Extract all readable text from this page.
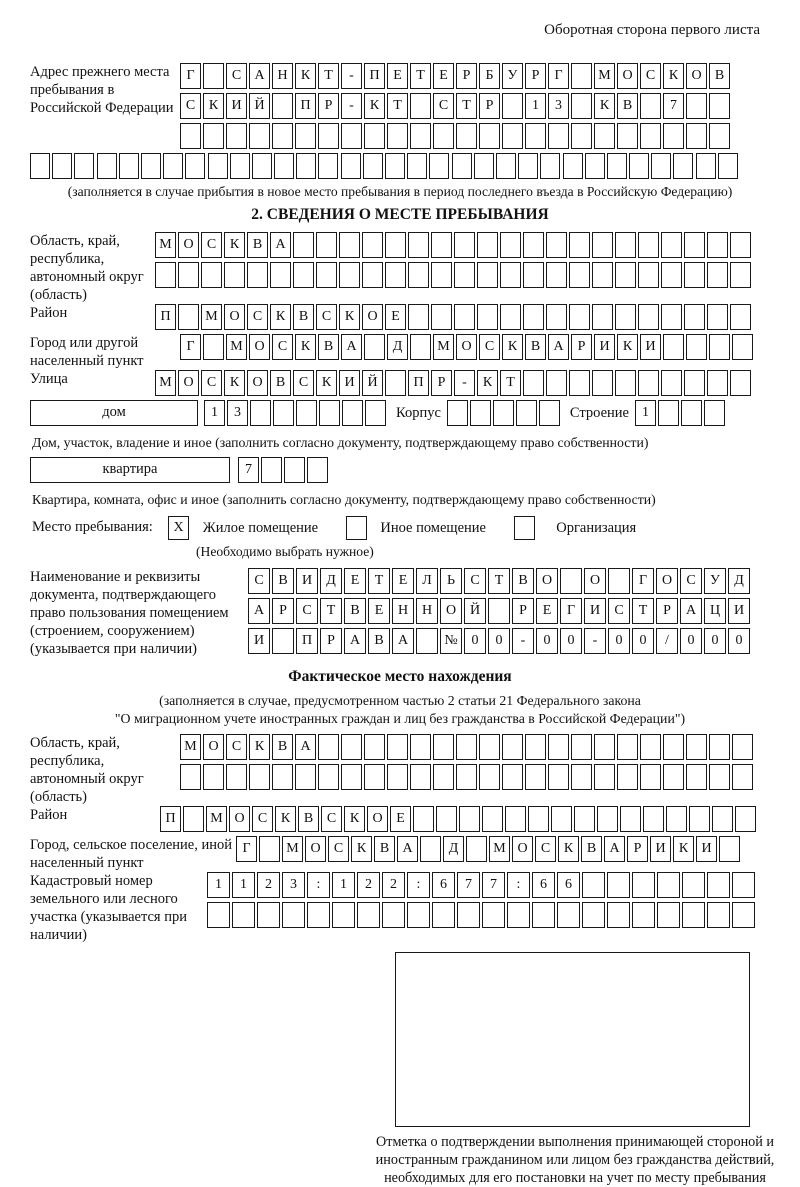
Оборотная сторона первого листа
Адрес прежнего места пребывания в Российской Федерации
Г	С А Н К Т - П Е Т Е Р Б У Р Г	М О С К О В
С К И Й	П Р - К Т	С Т Р	1 3	К В	7
(заполняется в случае прибытия в новое место пребывания в период последнего въезда в Российскую Федерацию)
2. СВЕДЕНИЯ О МЕСТЕ ПРЕБЫВАНИЯ
Область, край, республика, автономный округ (область)
М О С К В А
Район	П М О С К В С К О Е
Город или другой населенный пункт
Г	М О С К В А	Д М О С К В А Р И К И
Улица	М О С К О В С К И Й	П Р - К Т
дом	1 3	Корпус	Строение 1
Дом, участок, владение и иное (заполнить согласно документу, подтверждающему право собственности)
квартира	7
Квартира, комната, офис и иное (заполнить согласно документу, подтверждающему право собственности)
Место пребывания: X Жилое помещение	Иное помещение	Организация
(Необходимо выбрать нужное)
Наименование и реквизиты документа, подтверждающего право пользования помещением (строением, сооружением) (указывается при наличии)
С В И Д Е Т Е Л Ь С Т В О	О	Г О С У Д
А Р С Т В Е Н Н О Й	Р Е Г И С Т Р А Ц И
И	П Р А В А	№ 0 0 - 0 0 - 0 0 / 0 0 0
Фактическое место нахождения
(заполняется в случае, предусмотренном частью 2 статьи 21 Федерального закона
"О миграционном учете иностранных граждан и лиц без гражданства в Российской Федерации")
Область, край, республика, автономный округ (область)
М О С К В А
Район	П М О С К В С К О Е
Город, сельское поселение, иной населенный пункт
Г	М О С К В А	Д М О С К В А Р И К И
Кадастровый номер земельного или лесного участка (указывается при наличии)
1 1 2 3 : 1 2 2 : 6 7 7 : 6 6
Отметка о подтверждении выполнения принимающей стороной и иностранным гражданином или лицом без гражданства действий, необходимых для его постановки на учет по месту пребывания
